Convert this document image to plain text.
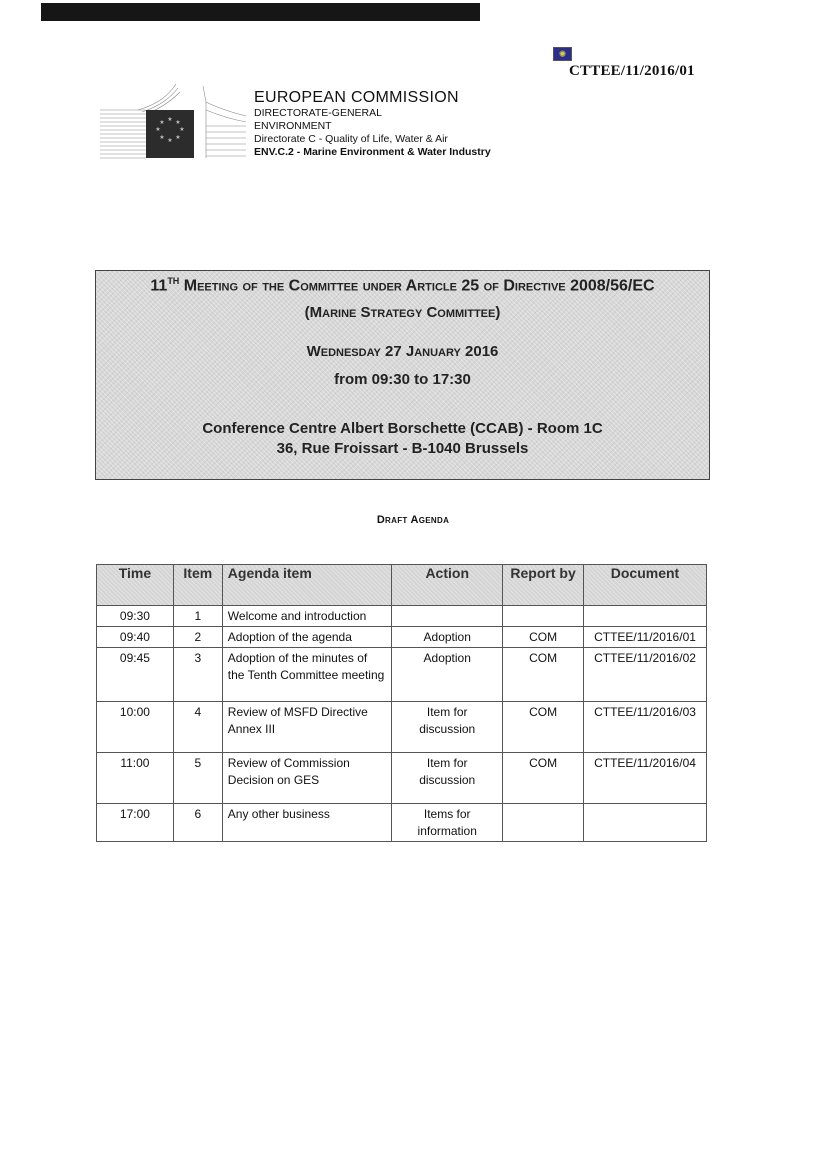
✺
CTTEE/11/2016/01
★ ★
★
★
★
★
★
★
EUROPEAN COMMISSION
DIRECTORATE-GENERAL
ENVIRONMENT
Directorate C - Quality of Life, Water & Air
ENV.C.2 - Marine Environment & Water Industry
11TH Meeting of the Committee under Article 25 of Directive 2008/56/EC
(Marine Strategy Committee)
Wednesday 27 January 2016
from 09:30 to 17:30
Conference Centre Albert Borschette (CCAB) - Room 1C
36, Rue Froissart - B-1040 Brussels
Draft Agenda
Time	Item	Agenda item	Action	Report by	Document
09:30	1	Welcome and introduction			
09:40	2	Adoption of the agenda	Adoption	COM	CTTEE/11/2016/01
09:45	3	Adoption of the minutes of the Tenth Committee meeting	Adoption	COM	CTTEE/11/2016/02
10:00	4	Review of MSFD Directive Annex III	Item for discussion	COM	CTTEE/11/2016/03
11:00	5	Review of Commission Decision on GES	Item for discussion	COM	CTTEE/11/2016/04
17:00	6	Any other business	Items for information		
